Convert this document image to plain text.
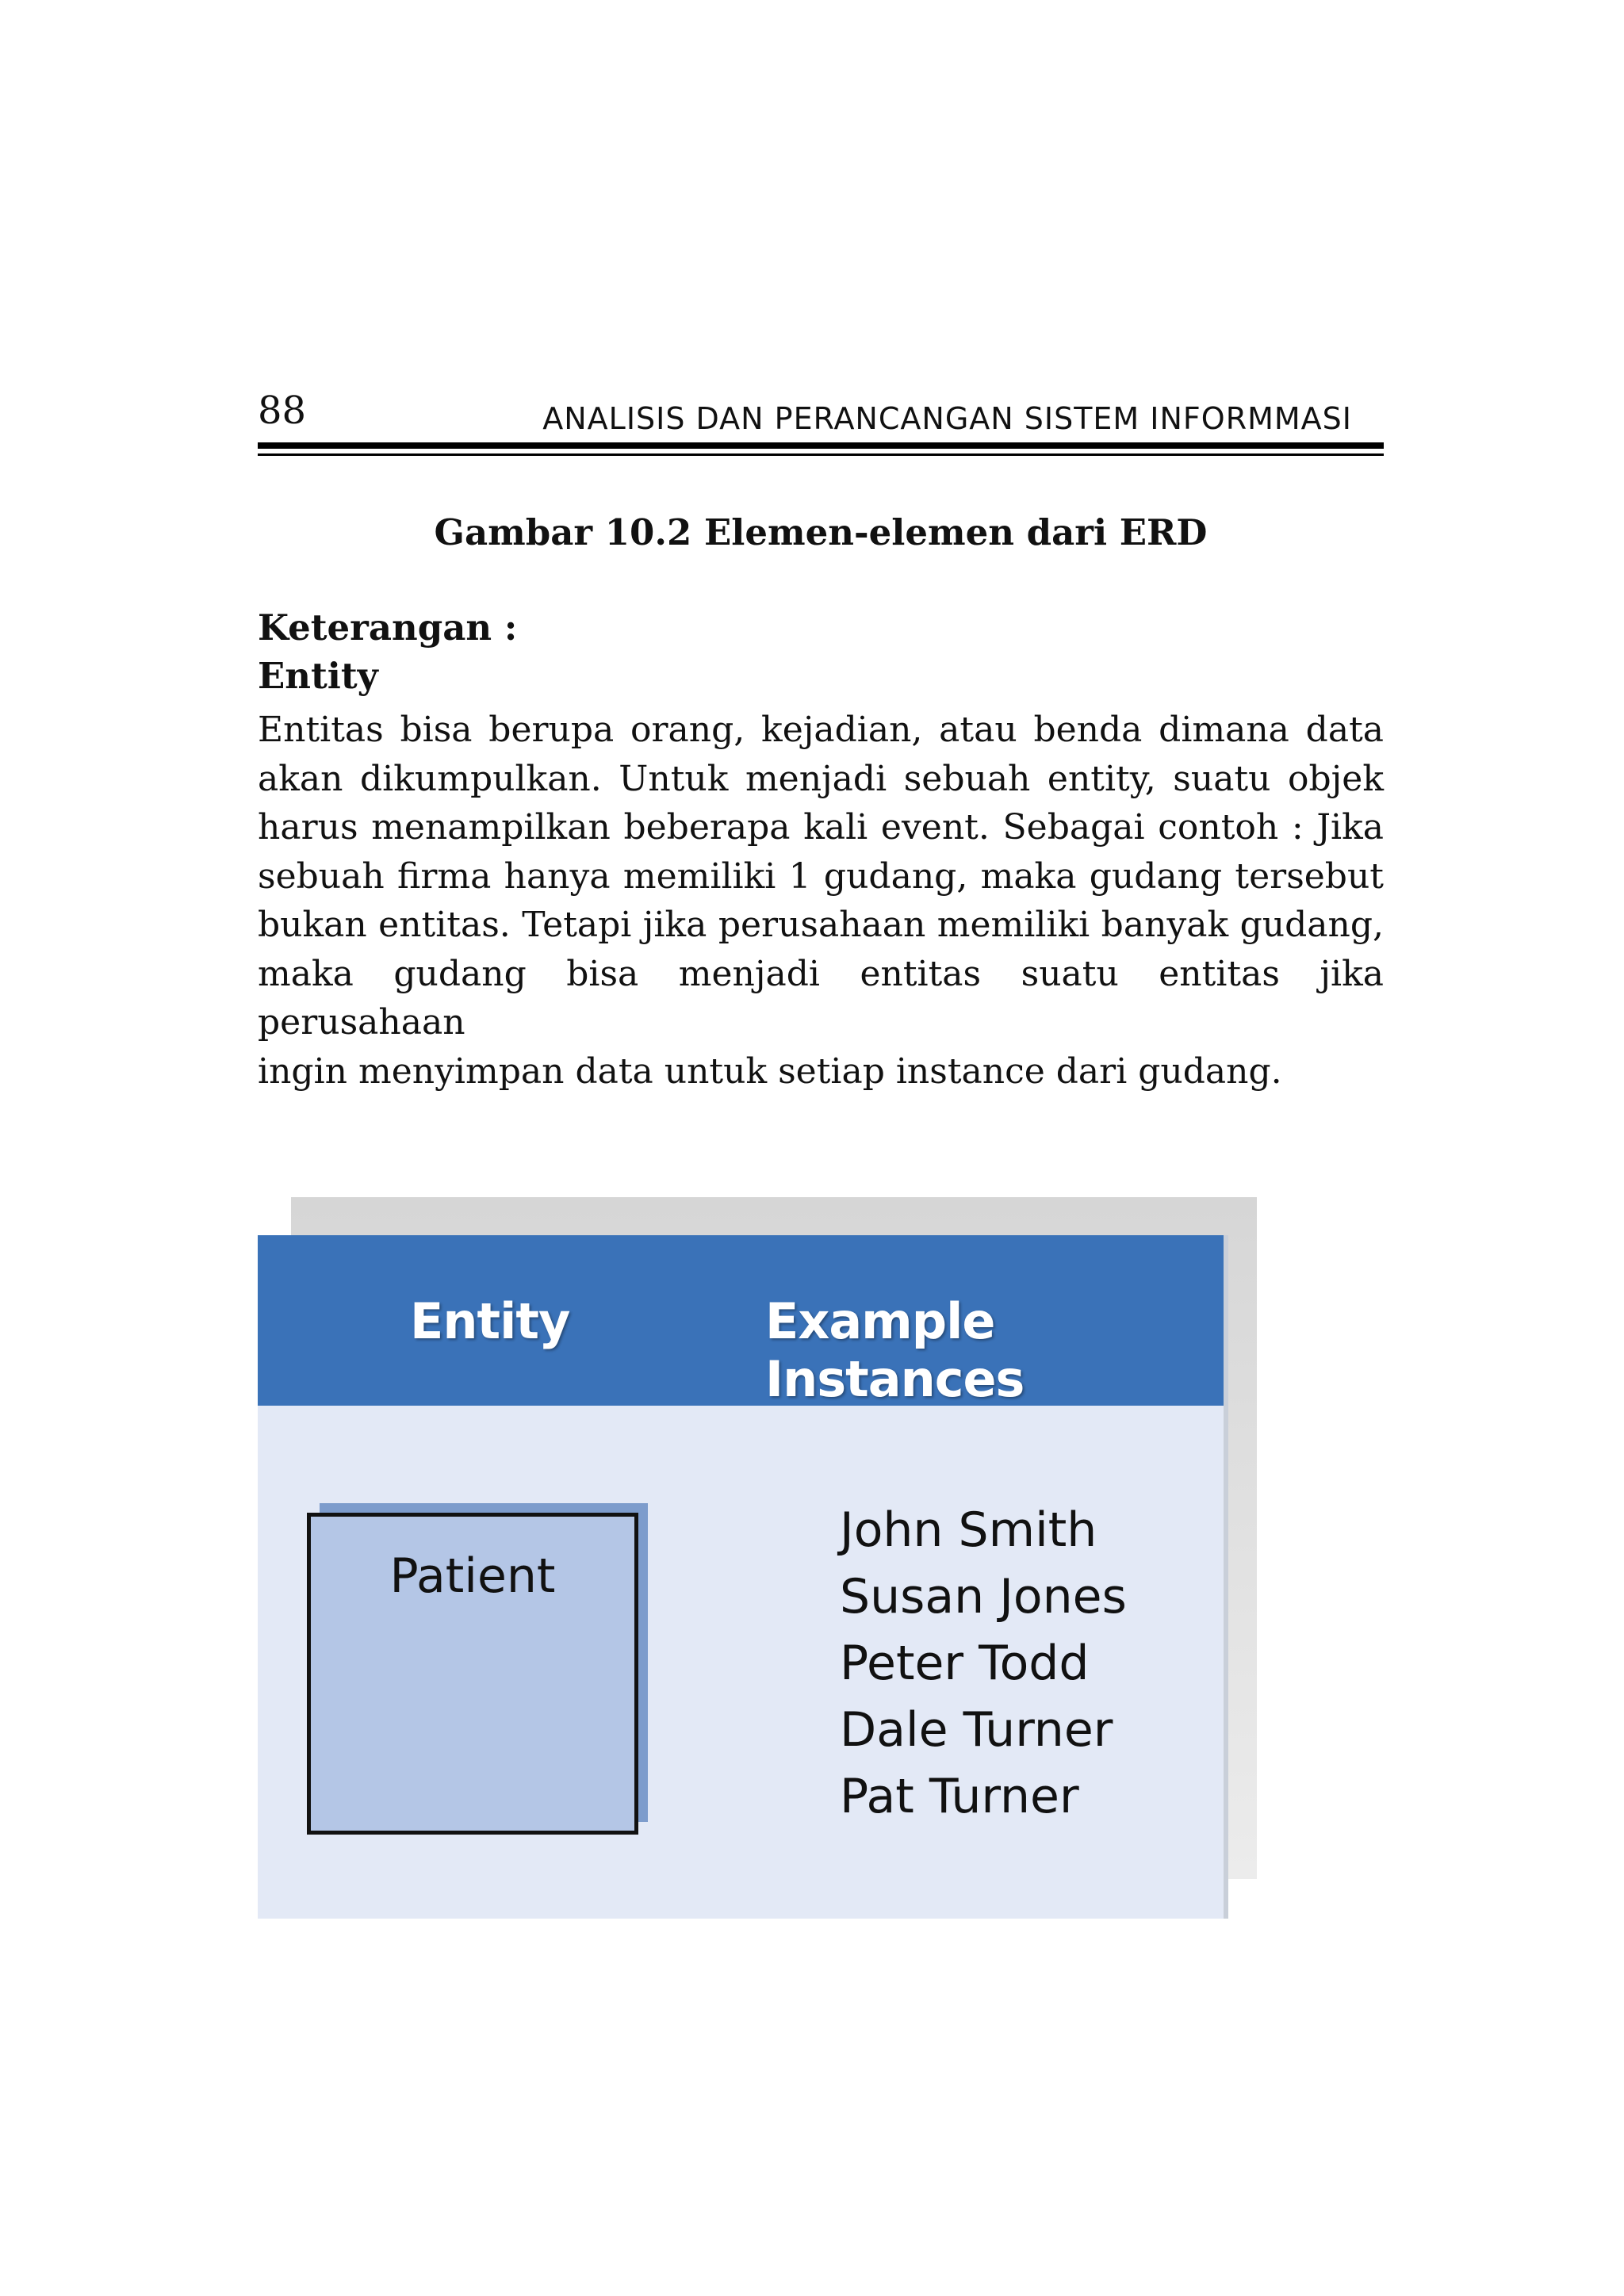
88	ANALISIS DAN PERANCANGAN SISTEM INFORMMASI
Gambar 10.2 Elemen-elemen dari ERD
Keterangan :
Entity
Entitas bisa berupa orang, kejadian, atau benda dimana data
akan dikumpulkan. Untuk menjadi sebuah entity, suatu objek
harus menampilkan beberapa kali event. Sebagai contoh : Jika
sebuah firma hanya memiliki 1 gudang, maka gudang tersebut
bukan entitas. Tetapi jika perusahaan memiliki banyak gudang,
maka gudang bisa menjadi entitas suatu entitas jika perusahaan
ingin menyimpan data untuk setiap instance dari gudang.
Entity	Example Instances
Patient
John Smith
Susan Jones
Peter Todd
Dale Turner
Pat Turner
